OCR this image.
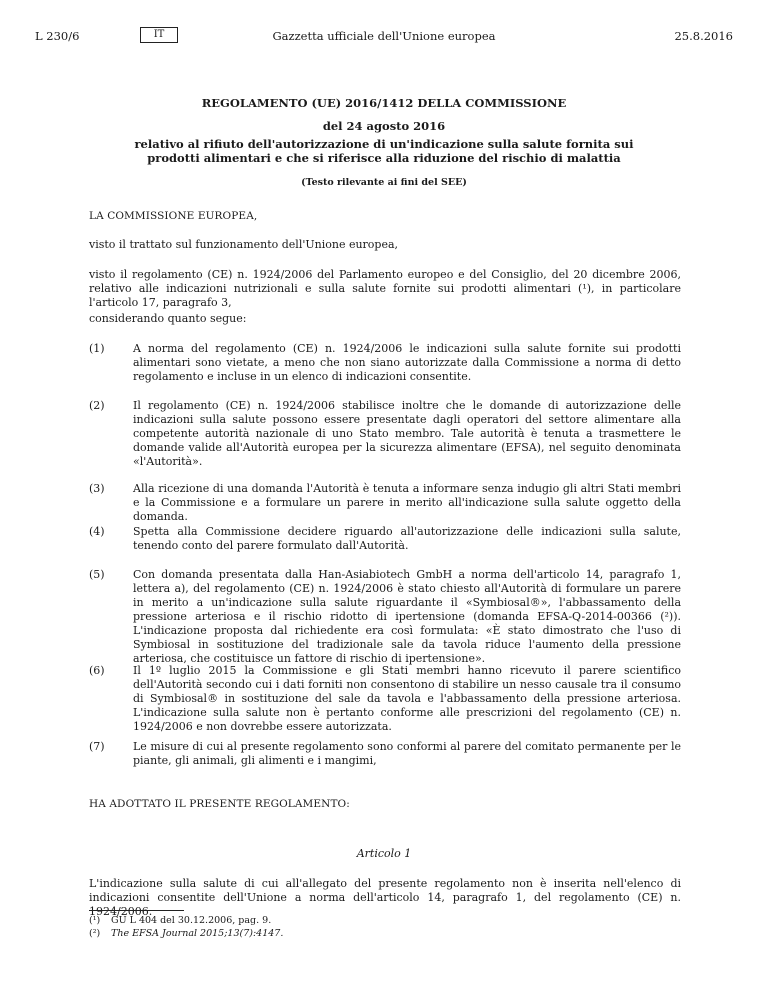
L 230/6	IT	Gazzetta ufficiale dell'Unione europea	25.8.2016
REGOLAMENTO (UE) 2016/1412 DELLA COMMISSIONE
del 24 agosto 2016
relativo al rifiuto dell'autorizzazione di un'indicazione sulla salute fornita sui prodotti alimentari e che si riferisce alla riduzione del rischio di malattia
(Testo rilevante ai fini del SEE)
LA COMMISSIONE EUROPEA,
visto il trattato sul funzionamento dell'Unione europea,
visto il regolamento (CE) n. 1924/2006 del Parlamento europeo e del Consiglio, del 20 dicembre 2006, relativo alle indicazioni nutrizionali e sulla salute fornite sui prodotti alimentari (¹), in particolare l'articolo 17, paragrafo 3,
considerando quanto segue:
(1)	A norma del regolamento (CE) n. 1924/2006 le indicazioni sulla salute fornite sui prodotti alimentari sono vietate, a meno che non siano autorizzate dalla Commissione a norma di detto regolamento e incluse in un elenco di indicazioni consentite.
(2)	Il regolamento (CE) n. 1924/2006 stabilisce inoltre che le domande di autorizzazione delle indicazioni sulla salute possono essere presentate dagli operatori del settore alimentare alla competente autorità nazionale di uno Stato membro. Tale autorità è tenuta a trasmettere le domande valide all'Autorità europea per la sicurezza alimentare (EFSA), nel seguito denominata «l'Autorità».
(3)	Alla ricezione di una domanda l'Autorità è tenuta a informare senza indugio gli altri Stati membri e la Commissione e a formulare un parere in merito all'indicazione sulla salute oggetto della domanda.
(4)	Spetta alla Commissione decidere riguardo all'autorizzazione delle indicazioni sulla salute, tenendo conto del parere formulato dall'Autorità.
(5)	Con domanda presentata dalla Han-Asiabiotech GmbH a norma dell'articolo 14, paragrafo 1, lettera a), del regolamento (CE) n. 1924/2006 è stato chiesto all'Autorità di formulare un parere in merito a un'indicazione sulla salute riguardante il «Symbiosal®», l'abbassamento della pressione arteriosa e il rischio ridotto di ipertensione (domanda EFSA-Q-2014-00366 (²)). L'indicazione proposta dal richiedente era così formulata: «È stato dimostrato che l'uso di Symbiosal in sostituzione del tradizionale sale da tavola riduce l'aumento della pressione arteriosa, che costituisce un fattore di rischio di ipertensione».
(6)	Il 1º luglio 2015 la Commissione e gli Stati membri hanno ricevuto il parere scientifico dell'Autorità secondo cui i dati forniti non consentono di stabilire un nesso causale tra il consumo di Symbiosal® in sostituzione del sale da tavola e l'abbassamento della pressione arteriosa. L'indicazione sulla salute non è pertanto conforme alle prescrizioni del regolamento (CE) n. 1924/2006 e non dovrebbe essere autorizzata.
(7)	Le misure di cui al presente regolamento sono conformi al parere del comitato permanente per le piante, gli animali, gli alimenti e i mangimi,
HA ADOTTATO IL PRESENTE REGOLAMENTO:
Articolo 1
L'indicazione sulla salute di cui all'allegato del presente regolamento non è inserita nell'elenco di indicazioni consentite dell'Unione a norma dell'articolo 14, paragrafo 1, del regolamento (CE) n. 1924/2006.
(¹) GU L 404 del 30.12.2006, pag. 9.
(²) The EFSA Journal 2015;13(7):4147.
